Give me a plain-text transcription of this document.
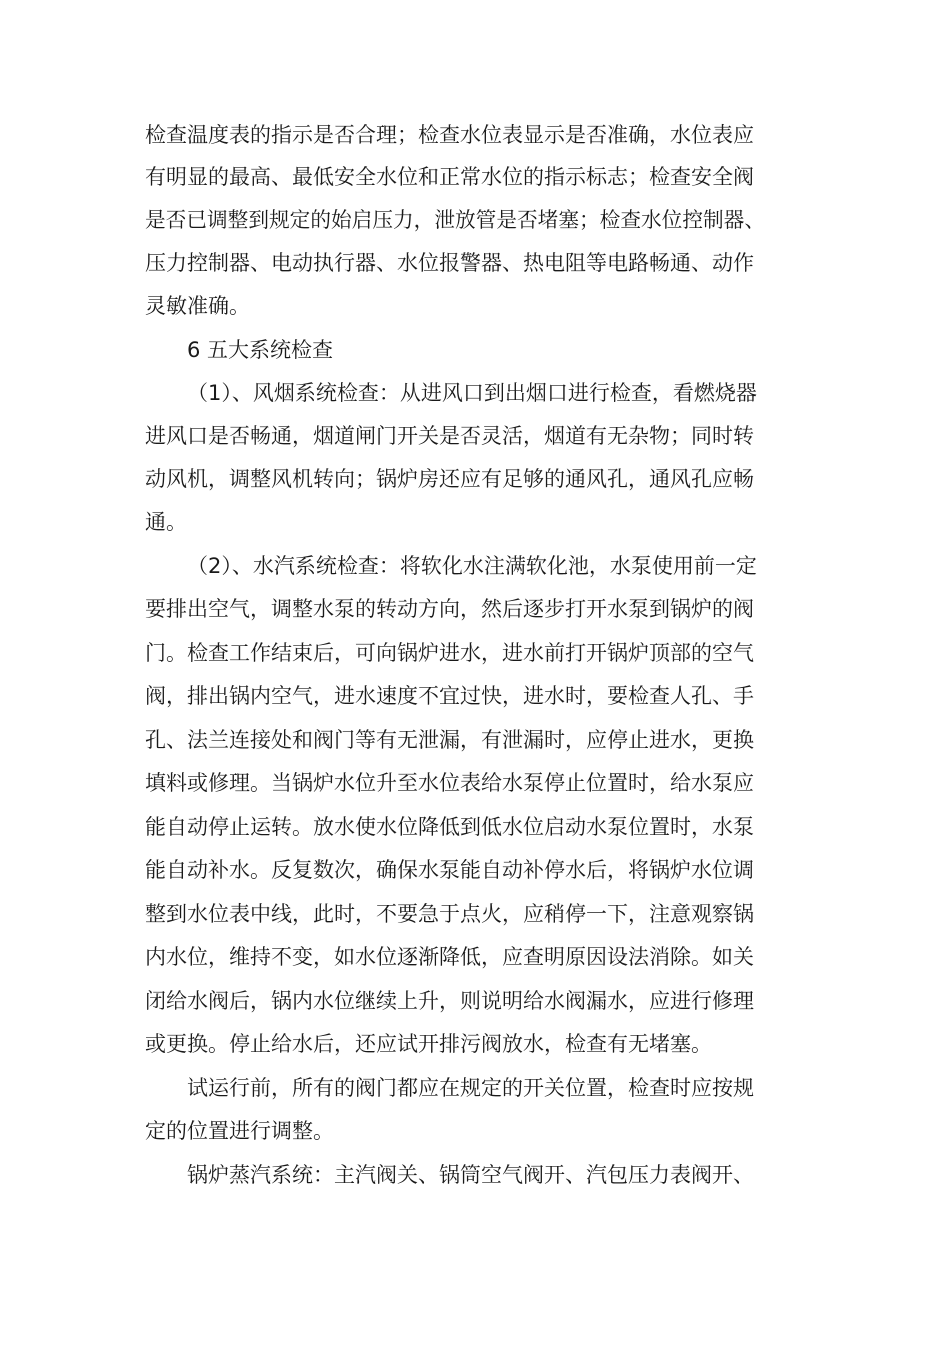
检查温度表的指示是否合理；检查水位表显示是否准确，水位表应
有明显的最高、最低安全水位和正常水位的指示标志；检查安全阀
是否已调整到规定的始启压力，泄放管是否堵塞；检查水位控制器、
压力控制器、电动执行器、水位报警器、热电阻等电路畅通、动作
灵敏准确。
6 五大系统检查
（1）、风烟系统检查：从进风口到出烟口进行检查，看燃烧器
进风口是否畅通，烟道闸门开关是否灵活，烟道有无杂物；同时转
动风机，调整风机转向；锅炉房还应有足够的通风孔，通风孔应畅
通。
（2）、水汽系统检查：将软化水注满软化池，水泵使用前一定
要排出空气，调整水泵的转动方向，然后逐步打开水泵到锅炉的阀
门。检查工作结束后，可向锅炉进水，进水前打开锅炉顶部的空气
阀，排出锅内空气，进水速度不宜过快，进水时，要检查人孔、手
孔、法兰连接处和阀门等有无泄漏，有泄漏时，应停止进水，更换
填料或修理。当锅炉水位升至水位表给水泵停止位置时，给水泵应
能自动停止运转。放水使水位降低到低水位启动水泵位置时，水泵
能自动补水。反复数次，确保水泵能自动补停水后，将锅炉水位调
整到水位表中线，此时，不要急于点火，应稍停一下，注意观察锅
内水位，维持不变，如水位逐渐降低，应查明原因设法消除。如关
闭给水阀后，锅内水位继续上升，则说明给水阀漏水，应进行修理
或更换。停止给水后，还应试开排污阀放水，检查有无堵塞。
试运行前，所有的阀门都应在规定的开关位置，检查时应按规
定的位置进行调整。
锅炉蒸汽系统：主汽阀关、锅筒空气阀开、汽包压力表阀开、
